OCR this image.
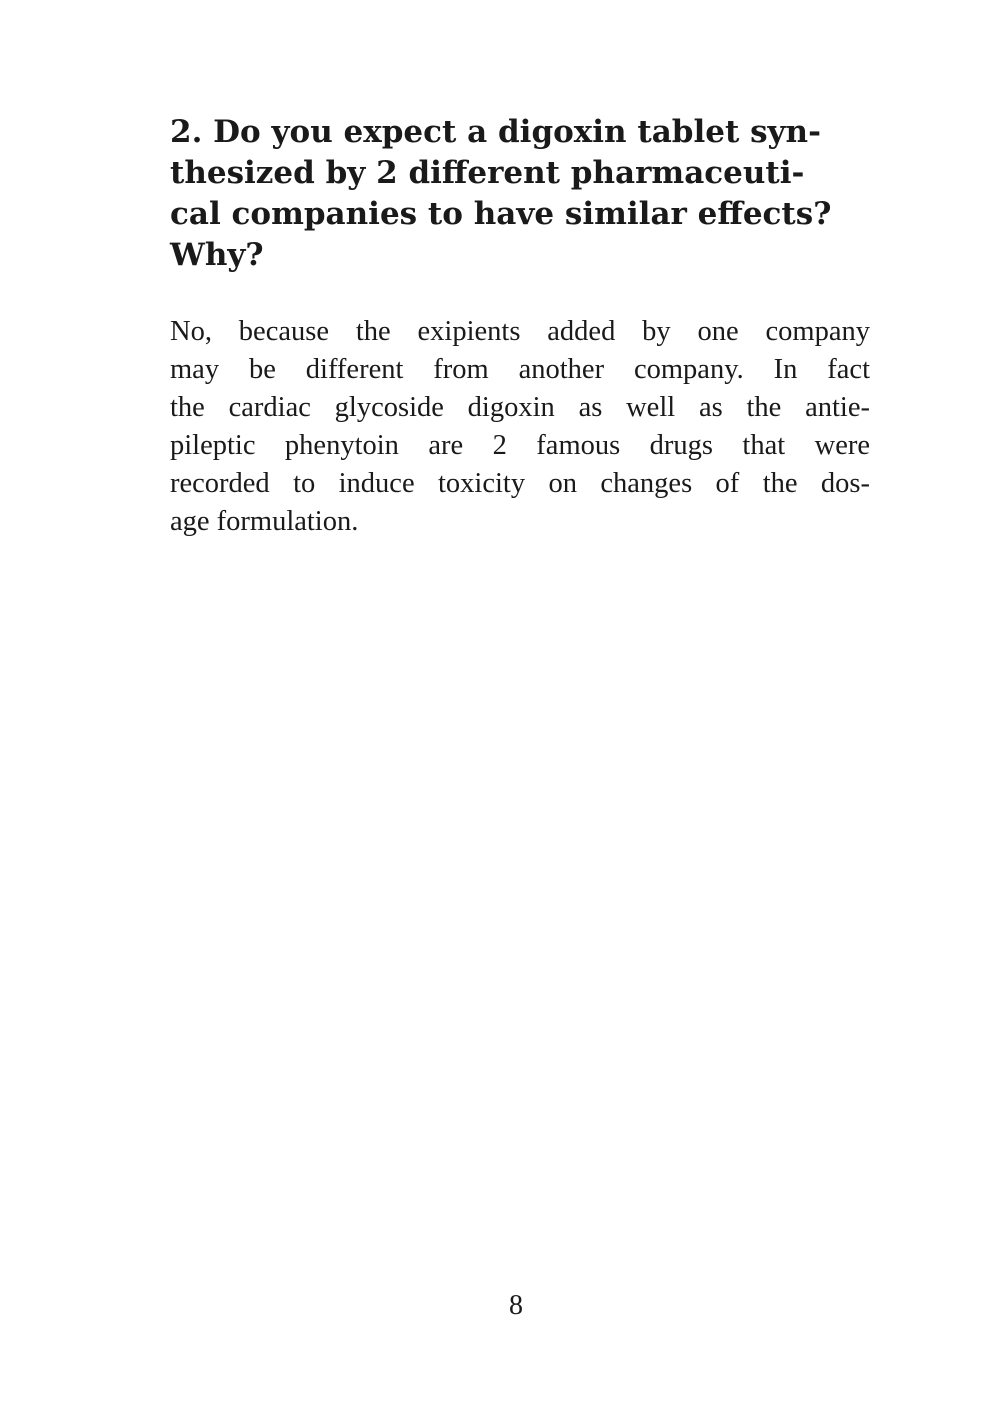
2. Do you expect a digoxin tablet syn-
thesized by 2 different pharmaceuti-
cal companies to have similar effects?
Why?

No, because the exipients added by one company
may be different from another company. In fact
the cardiac glycoside digoxin as well as the antie-
pileptic phenytoin are 2 famous drugs that were
recorded to induce toxicity on changes of the dos-
age formulation.

8
